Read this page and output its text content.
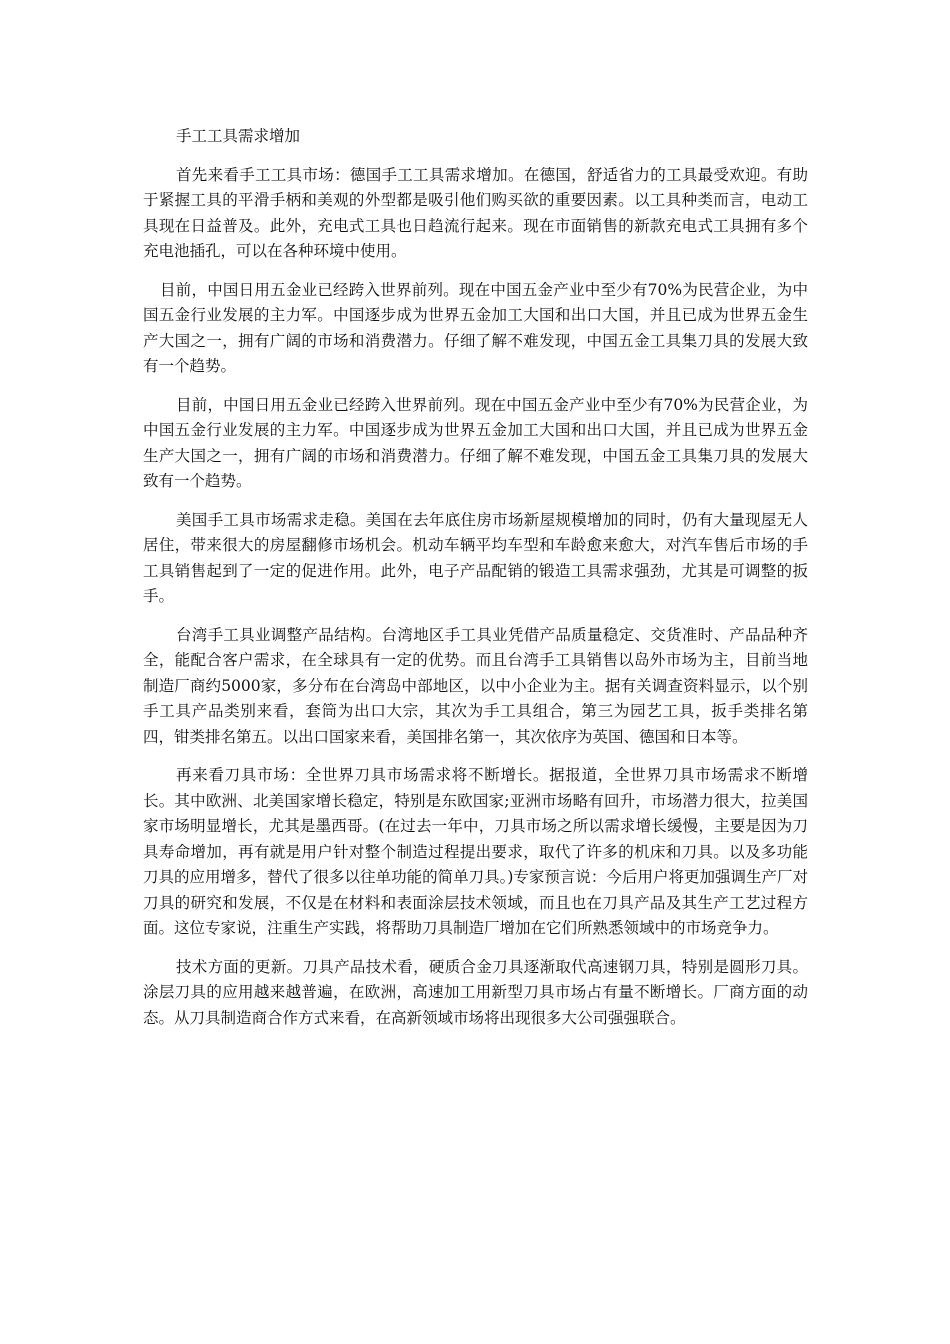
手工工具需求增加

首先来看手工工具市场：德国手工工具需求增加。在德国，舒适省力的工具最受欢迎。有助于紧握工具的平滑手柄和美观的外型都是吸引他们购买欲的重要因素。以工具种类而言，电动工具现在日益普及。此外，充电式工具也日趋流行起来。现在市面销售的新款充电式工具拥有多个充电池插孔，可以在各种环境中使用。

目前，中国日用五金业已经跨入世界前列。现在中国五金产业中至少有70%为民营企业，为中国五金行业发展的主力军。中国逐步成为世界五金加工大国和出口大国，并且已成为世界五金生产大国之一，拥有广阔的市场和消费潜力。仔细了解不难发现，中国五金工具集刀具的发展大致有一个趋势。

目前，中国日用五金业已经跨入世界前列。现在中国五金产业中至少有70%为民营企业，为中国五金行业发展的主力军。中国逐步成为世界五金加工大国和出口大国，并且已成为世界五金生产大国之一，拥有广阔的市场和消费潜力。仔细了解不难发现，中国五金工具集刀具的发展大致有一个趋势。

美国手工具市场需求走稳。美国在去年底住房市场新屋规模增加的同时，仍有大量现屋无人居住，带来很大的房屋翻修市场机会。机动车辆平均车型和车龄愈来愈大，对汽车售后市场的手工具销售起到了一定的促进作用。此外，电子产品配销的锻造工具需求强劲，尤其是可调整的扳手。

台湾手工具业调整产品结构。台湾地区手工具业凭借产品质量稳定、交货准时、产品品种齐全，能配合客户需求，在全球具有一定的优势。而且台湾手工具销售以岛外市场为主，目前当地制造厂商约5000家，多分布在台湾岛中部地区，以中小企业为主。据有关调查资料显示，以个别手工具产品类别来看，套筒为出口大宗，其次为手工具组合，第三为园艺工具，扳手类排名第四，钳类排名第五。以出口国家来看，美国排名第一，其次依序为英国、德国和日本等。

再来看刀具市场：全世界刀具市场需求将不断增长。据报道，全世界刀具市场需求不断增长。其中欧洲、北美国家增长稳定，特别是东欧国家;亚洲市场略有回升，市场潜力很大，拉美国家市场明显增长，尤其是墨西哥。(在过去一年中，刀具市场之所以需求增长缓慢，主要是因为刀具寿命增加，再有就是用户针对整个制造过程提出要求，取代了许多的机床和刀具。以及多功能刀具的应用增多，替代了很多以往单功能的简单刀具。)专家预言说：今后用户将更加强调生产厂对刀具的研究和发展，不仅是在材料和表面涂层技术领域，而且也在刀具产品及其生产工艺过程方面。这位专家说，注重生产实践，将帮助刀具制造厂增加在它们所熟悉领域中的市场竞争力。

技术方面的更新。刀具产品技术看，硬质合金刀具逐渐取代高速钢刀具，特别是圆形刀具。涂层刀具的应用越来越普遍，在欧洲，高速加工用新型刀具市场占有量不断增长。厂商方面的动态。从刀具制造商合作方式来看，在高新领域市场将出现很多大公司强强联合。
